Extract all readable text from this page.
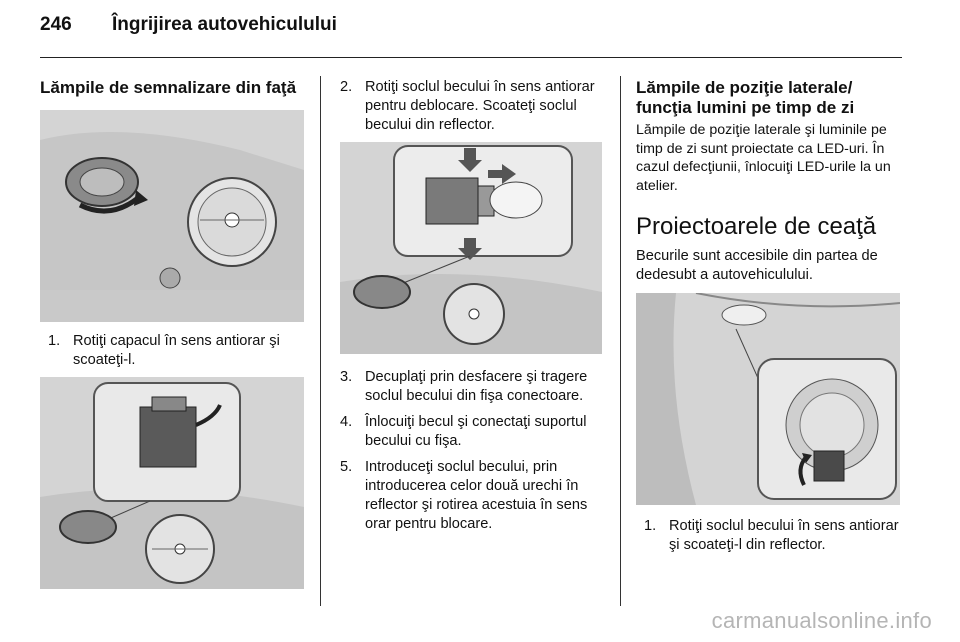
246 Îngrijirea autovehiculului
Lămpile de semnalizare din faţă
1. Rotiţi capacul în sens antiorar şi scoateţi-l.
2. Rotiţi soclul becului în sens antiorar pentru deblocare. Scoateţi soclul becului din reflector.
3. Decuplaţi prin desfacere şi tragere soclul becului din fişa conectoare.
4. Înlocuiţi becul şi conectaţi suportul becului cu fişa.
5. Introduceţi soclul becului, prin introducerea celor două urechi în reflector şi rotirea acestuia în sens orar pentru blocare.
Lămpile de poziţie laterale/ funcţia lumini pe timp de zi

Lămpile de poziţie laterale şi luminile pe timp de zi sunt proiectate ca LED-uri. În cazul defecţiunii, înlocuiţi LED-urile la un atelier.

Proiectoarele de ceaţă

Becurile sunt accesibile din partea de dedesubt a autovehiculului.

1. Rotiţi soclul becului în sens antiorar şi scoateţi-l din reflector.
carmanualsonline.info
